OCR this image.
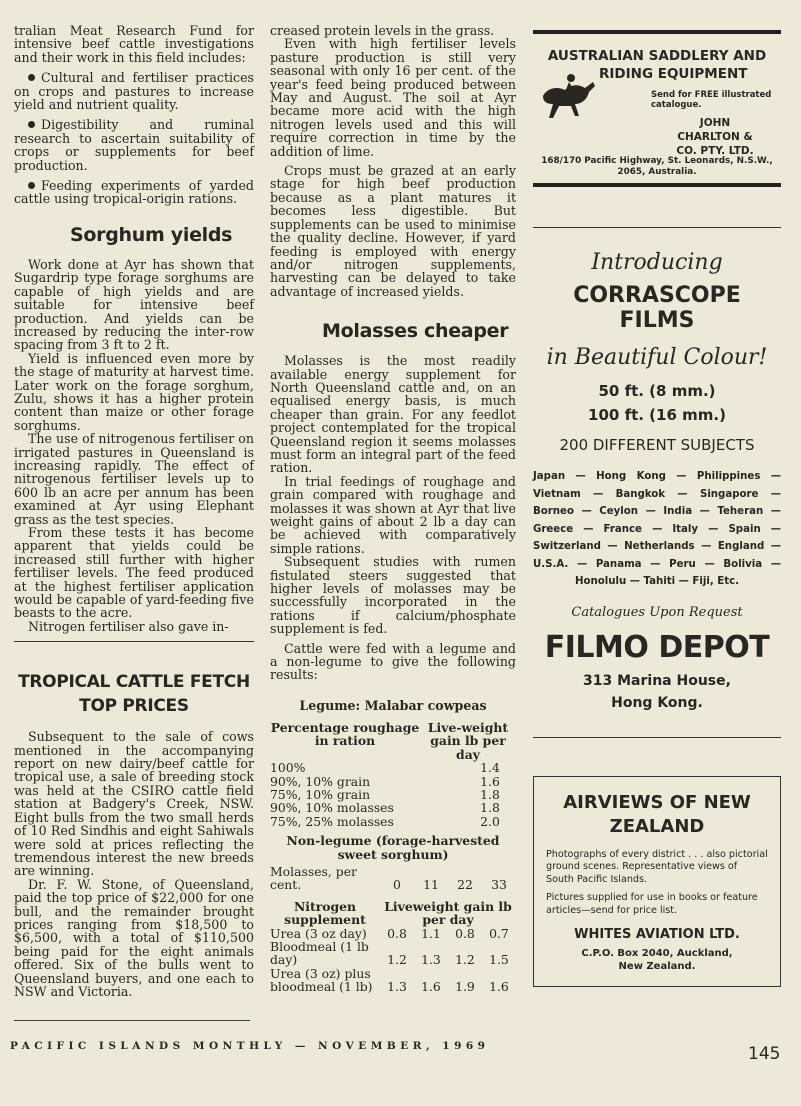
tralian Meat Research Fund for intensive beef cattle investigations and their work in this field includes:

Cultural and fertiliser practices on crops and pastures to increase yield and nutrient quality.

Digestibility and ruminal research to ascertain suitability of crops or supplements for beef production.

Feeding experiments of yarded cattle using tropical-origin rations.

Sorghum yields

Work done at Ayr has shown that Sugardrip type forage sorghums are capable of high yields and are suitable for intensive beef production. And yields can be increased by reducing the inter-row spacing from 3 ft to 2 ft.

Yield is influenced even more by the stage of maturity at harvest time. Later work on the forage sorghum, Zulu, shows it has a higher protein content than maize or other forage sorghums.

The use of nitrogenous fertiliser on irrigated pastures in Queensland is increasing rapidly. The effect of nitrogenous fertiliser levels up to 600 lb an acre per annum has been examined at Ayr using Elephant grass as the test species.

From these tests it has become apparent that yields could be increased still further with higher fertiliser levels. The feed produced at the highest fertiliser application would be capable of yard-feeding five beasts to the acre.

Nitrogen fertiliser also gave in-

TROPICAL CATTLE FETCH TOP PRICES

Subsequent to the sale of cows mentioned in the accompanying report on new dairy/beef cattle for tropical use, a sale of breeding stock was held at the CSIRO cattle field station at Badgery's Creek, NSW. Eight bulls from the two small herds of 10 Red Sindhis and eight Sahiwals were sold at prices reflecting the tremendous interest the new breeds are winning.

Dr. F. W. Stone, of Queensland, paid the top price of $22,000 for one bull, and the remainder brought prices ranging from $18,500 to $6,500, with a total of $110,500 being paid for the eight animals offered. Six of the bulls went to Queensland buyers, and one each to NSW and Victoria.

creased protein levels in the grass.

Even with high fertiliser levels pasture production is still very seasonal with only 16 per cent. of the year's feed being produced between May and August. The soil at Ayr became more acid with the high nitrogen levels used and this will require correction in time by the addition of lime.

Crops must be grazed at an early stage for high beef production because as a plant matures it becomes less digestible. But supplements can be used to minimise the quality decline. However, if yard feeding is employed with energy and/or nitrogen supplements, harvesting can be delayed to take advantage of increased yields.

Molasses cheaper

Molasses is the most readily available energy supplement for North Queensland cattle and, on an equalised energy basis, is much cheaper than grain. For any feedlot project contemplated for the tropical Queensland region it seems molasses must form an integral part of the feed ration.

In trial feedings of roughage and grain compared with roughage and molasses it was shown at Ayr that live weight gains of about 2 lb a day can be achieved with comparatively simple rations.

Subsequent studies with rumen fistulated steers suggested that higher levels of molasses may be successfully incorporated in the rations if calcium/phosphate supplement is fed.

Cattle were fed with a legume and a non-legume to give the following results:

Legume: Malabar cowpeas
Percentage roughage in ration	Live-weight gain lb per day
100%	1.4
90%, 10% grain	1.6
75%, 10% grain	1.8
90%, 10% molasses	1.8
75%, 25% molasses	2.0
Non-legume (forage-harvested sweet sorghum)
Molasses, per cent.	0	11	22	33
Nitrogen supplement	Liveweight gain lb per day			
Urea (3 oz day)	0.8	1.1	0.8	0.7
Bloodmeal (1 lb day)	1.2	1.3	1.2	1.5
Urea (3 oz) plus bloodmeal (1 lb)	1.3	1.6	1.9	1.6
AUSTRALIAN SADDLERY AND
RIDING EQUIPMENT
Send for FREE illustrated catalogue.
JOHN CHARLTON & CO. PTY. LTD.
168/170 Pacific Highway, St. Leonards, N.S.W., 2065, Australia.
Introducing
CORRASCOPE FILMS
in Beautiful Colour!
50 ft. (8 mm.)
100 ft. (16 mm.)
200 DIFFERENT SUBJECTS
Japan — Hong Kong — Philippines — Vietnam — Bangkok — Singapore — Borneo — Ceylon — India — Teheran — Greece — France — Italy — Spain — Switzerland — Netherlands — England — U.S.A. — Panama — Peru — Bolivia — Honolulu — Tahiti — Fiji, Etc.
Catalogues Upon Request
FILMO DEPOT
313 Marina House,
Hong Kong.
AIRVIEWS OF NEW ZEALAND
Photographs of every district . . . also pictorial ground scenes. Representative views of South Pacific Islands.
Pictures supplied for use in books or feature articles—send for price list.
WHITES AVIATION LTD.
C.P.O. Box 2040, Auckland,
New Zealand.
PACIFIC ISLANDS MONTHLY — NOVEMBER, 1969	145
